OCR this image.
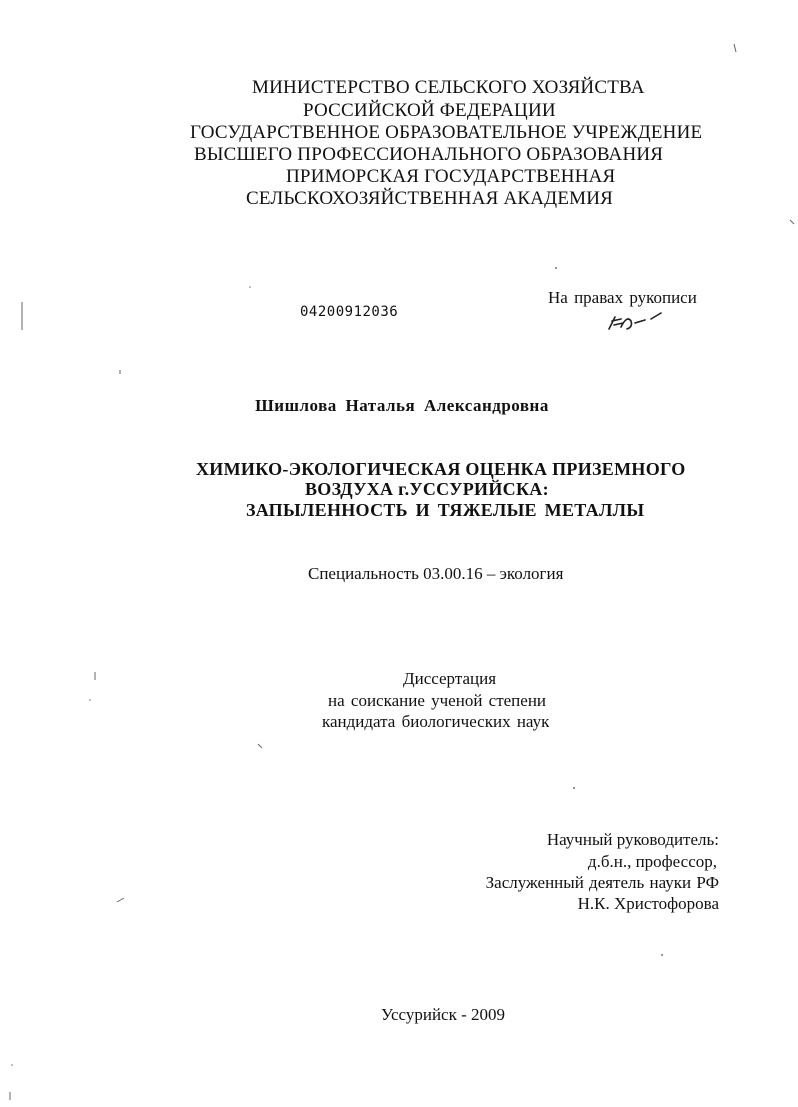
МИНИСТЕРСТВО СЕЛЬСКОГО ХОЗЯЙСТВА
РОССИЙСКОЙ ФЕДЕРАЦИИ
ГОСУДАРСТВЕННОЕ ОБРАЗОВАТЕЛЬНОЕ УЧРЕЖДЕНИЕ
ВЫСШЕГО ПРОФЕССИОНАЛЬНОГО ОБРАЗОВАНИЯ
ПРИМОРСКАЯ ГОСУДАРСТВЕННАЯ
СЕЛЬСКОХОЗЯЙСТВЕННАЯ АКАДЕМИЯ
04200912036
На правах рукописи
Шишлова Наталья Александровна
ХИМИКО-ЭКОЛОГИЧЕСКАЯ ОЦЕНКА ПРИЗЕМНОГО
ВОЗДУХА г.УССУРИЙСКА:
ЗАПЫЛЕННОСТЬ И ТЯЖЕЛЫЕ МЕТАЛЛЫ
Специальность 03.00.16 – экология
Диссертация
на соискание ученой степени
кандидата биологических наук
Научный руководитель:
д.б.н., профессор,
Заслуженный деятель науки РФ
Н.К. Христофорова
Уссурийск - 2009
